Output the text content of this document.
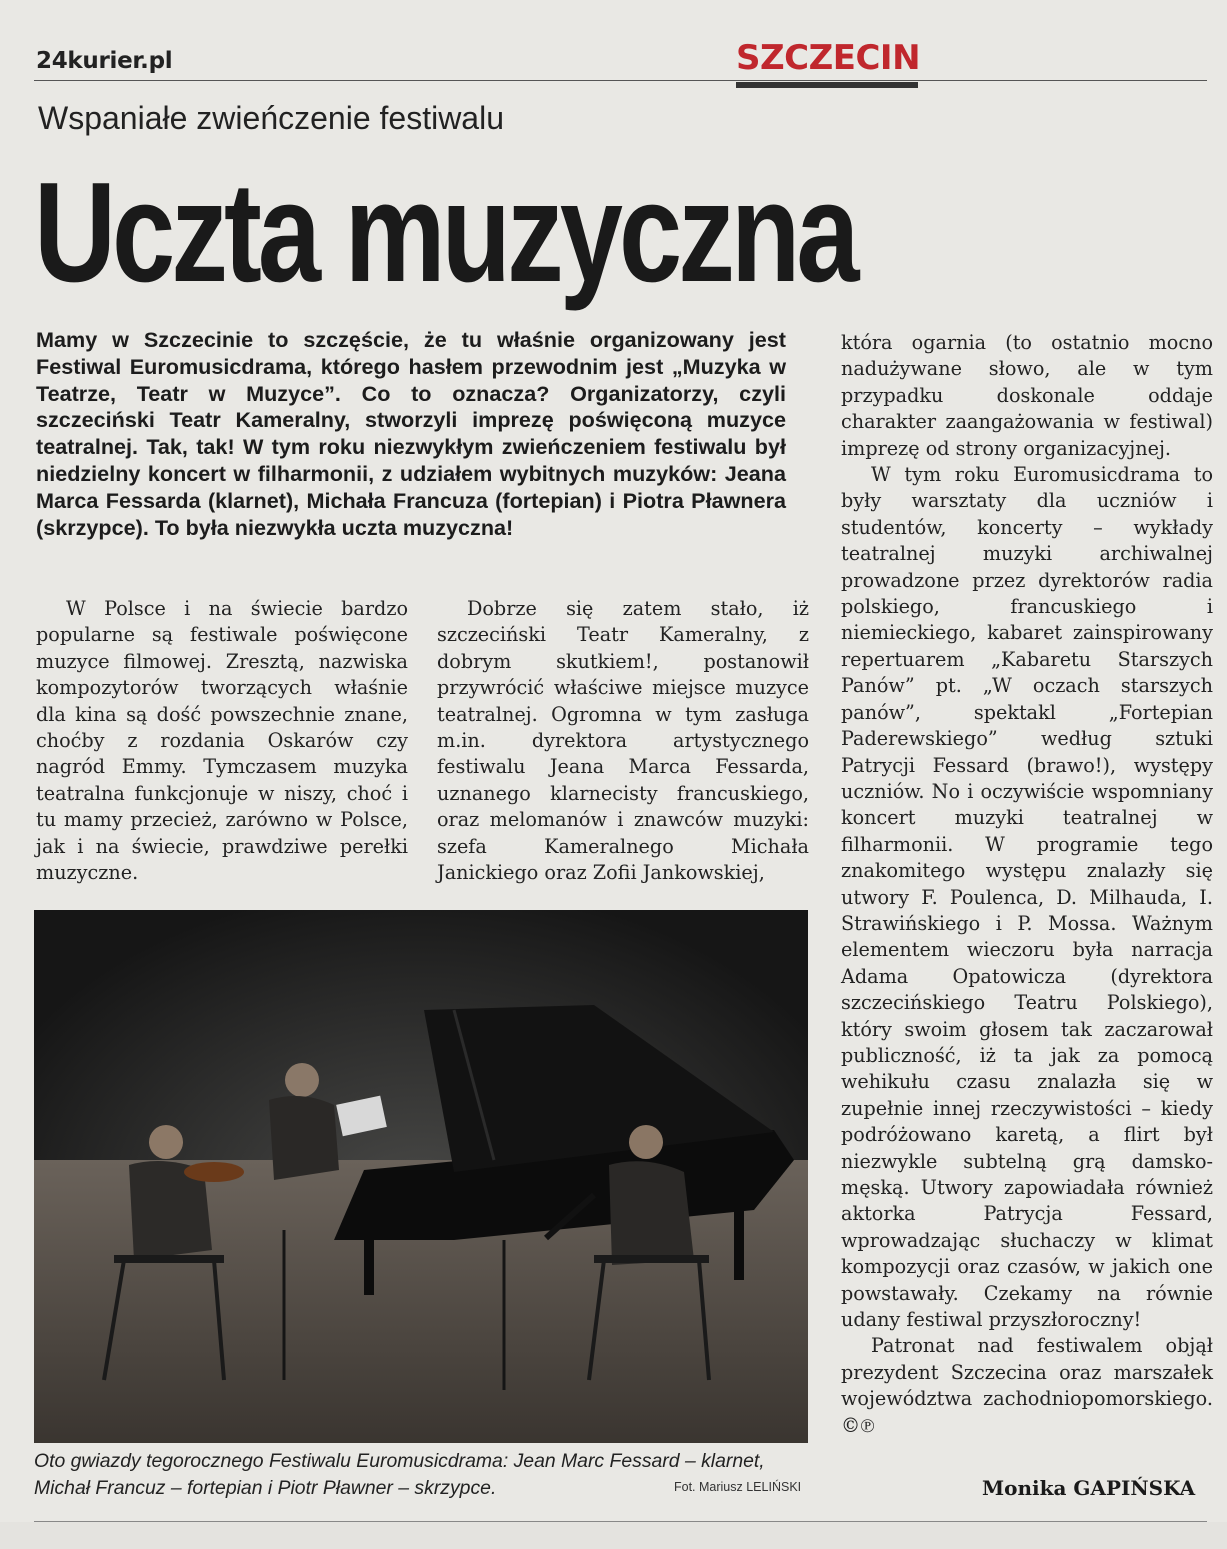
24kurier.pl	SZCZECIN
Wspaniałe zwieńczenie festiwalu
Uczta muzyczna
Mamy w Szczecinie to szczęście, że tu właśnie organizowany jest Festiwal Euromusicdrama, którego hasłem przewodnim jest „Muzyka w Teatrze, Teatr w Muzyce”. Co to oznacza? Organizatorzy, czyli szczeciński Teatr Kameralny, stworzyli imprezę poświęconą muzyce teatralnej. Tak, tak! W tym roku niezwykłym zwieńczeniem festiwalu był niedzielny koncert w filharmonii, z udziałem wybitnych muzyków: Jeana Marca Fessarda (klarnet), Michała Francuza (fortepian) i Piotra Pławnera (skrzypce). To była niezwykła uczta muzyczna!

W Polsce i na świecie bardzo popularne są festiwale poświęcone muzyce filmowej. Zresztą, nazwiska kompozytorów tworzących właśnie dla kina są dość powszechnie znane, choćby z rozdania Oskarów czy nagród Emmy. Tymczasem muzyka teatralna funkcjonuje w niszy, choć i tu mamy przecież, zarówno w Polsce, jak i na świecie, prawdziwe perełki muzyczne.

Dobrze się zatem stało, iż szczeciński Teatr Kameralny, z dobrym skutkiem!, postanowił przywrócić właściwe miejsce muzyce teatralnej. Ogromna w tym zasługa m.in. dyrektora artystycznego festiwalu Jeana Marca Fessarda, uznanego klarnecisty francuskiego, oraz melomanów i znawców muzyki: szefa Kameralnego Michała Janickiego oraz Zofii Jankowskiej,

która ogarnia (to ostatnio mocno nadużywane słowo, ale w tym przypadku doskonale oddaje charakter zaangażowania w festiwal) imprezę od strony organizacyjnej.

W tym roku Euromusicdrama to były warsztaty dla uczniów i studentów, koncerty – wykłady teatralnej muzyki archiwalnej prowadzone przez dyrektorów radia polskiego, francuskiego i niemieckiego, kabaret zainspirowany repertuarem „Kabaretu Starszych Panów” pt. „W oczach starszych panów”, spektakl „Fortepian Paderewskiego” według sztuki Patrycji Fessard (brawo!), występy uczniów. No i oczywiście wspomniany koncert muzyki teatralnej w filharmonii. W programie tego znakomitego występu znalazły się utwory F. Poulenca, D. Milhauda, I. Strawińskiego i P. Mossa. Ważnym elementem wieczoru była narracja Adama Opatowicza (dyrektora szczecińskiego Teatru Polskiego), który swoim głosem tak zaczarował publiczność, iż ta jak za pomocą wehikułu czasu znalazła się w zupełnie innej rzeczywistości – kiedy podróżowano karetą, a flirt był niezwykle subtelną grą damsko-męską. Utwory zapowiadała również aktorka Patrycja Fessard, wprowadzając słuchaczy w klimat kompozycji oraz czasów, w jakich one powstawały. Czekamy na równie udany festiwal przyszłoroczny!

Patronat nad festiwalem objął prezydent Szczecina oraz marszałek województwa zachodniopomorskiego. ©℗

Oto gwiazdy tegorocznego Festiwalu Euromusicdrama: Jean Marc Fessard – klarnet, Michał Francuz – fortepian i Piotr Pławner – skrzypce.	Fot. Mariusz LELIŃSKI	Monika GAPIŃSKA
